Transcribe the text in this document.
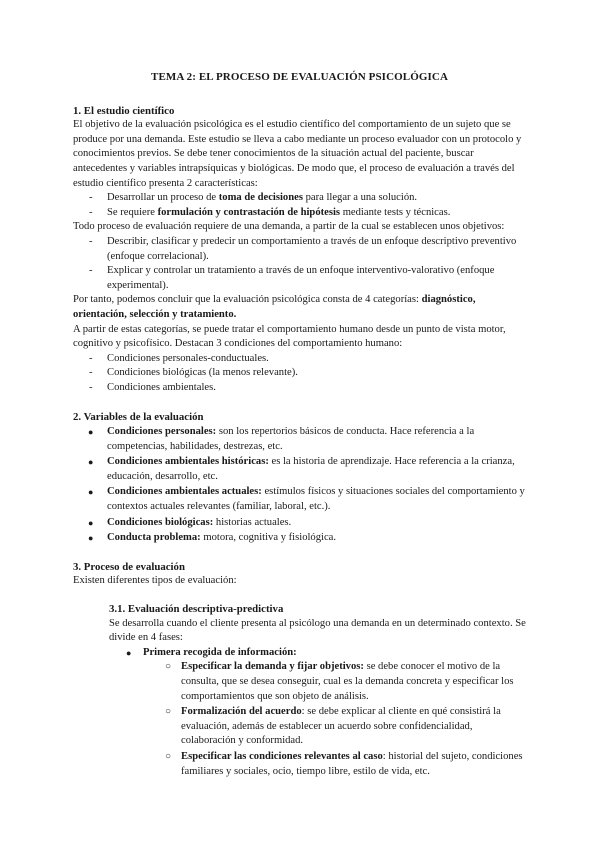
TEMA 2: EL PROCESO DE EVALUACIÓN PSICOLÓGICA
1. El estudio científico

El objetivo de la evaluación psicológica es el estudio científico del comportamiento de un sujeto que se produce por una demanda. Este estudio se lleva a cabo mediante un proceso evaluador con un protocolo y conocimientos previos. Se debe tener conocimientos de la situación actual del paciente, buscar antecedentes y variables intrapsíquicas y biológicas. De modo que, el proceso de evaluación a través del estudio científico presenta 2 características:

- Desarrollar un proceso de toma de decisiones para llegar a una solución.
- Se requiere formulación y contrastación de hipótesis mediante tests y técnicas.

Todo proceso de evaluación requiere de una demanda, a partir de la cual se establecen unos objetivos:

- Describir, clasificar y predecir un comportamiento a través de un enfoque descriptivo preventivo (enfoque correlacional).
- Explicar y controlar un tratamiento a través de un enfoque interventivo-valorativo (enfoque experimental).

Por tanto, podemos concluir que la evaluación psicológica consta de 4 categorías: diagnóstico, orientación, selección y tratamiento.

A partir de estas categorías, se puede tratar el comportamiento humano desde un punto de vista motor, cognitivo y psicofísico. Destacan 3 condiciones del comportamiento humano:

- Condiciones personales-conductuales.
- Condiciones biológicas (la menos relevante).
- Condiciones ambientales.
2. Variables de la evaluación
● Condiciones personales: son los repertorios básicos de conducta. Hace referencia a la competencias, habilidades, destrezas, etc.
● Condiciones ambientales históricas: es la historia de aprendizaje. Hace referencia a la crianza, educación, desarrollo, etc.
● Condiciones ambientales actuales: estímulos físicos y situaciones sociales del comportamiento y contextos actuales relevantes (familiar, laboral, etc.).
● Condiciones biológicas: historias actuales.
● Conducta problema: motora, cognitiva y fisiológica.
3. Proceso de evaluación

Existen diferentes tipos de evaluación:

3.1. Evaluación descriptiva-predictiva

Se desarrolla cuando el cliente presenta al psicólogo una demanda en un determinado contexto. Se divide en 4 fases:

● Primera recogida de información:
○ Especificar la demanda y fijar objetivos: se debe conocer el motivo de la consulta, que se desea conseguir, cual es la demanda concreta y especificar los comportamientos que son objeto de análisis.
○ Formalización del acuerdo: se debe explicar al cliente en qué consistirá la evaluación, además de establecer un acuerdo sobre confidencialidad, colaboración y conformidad.
○ Especificar las condiciones relevantes al caso: historial del sujeto, condiciones familiares y sociales, ocio, tiempo libre, estilo de vida, etc.
